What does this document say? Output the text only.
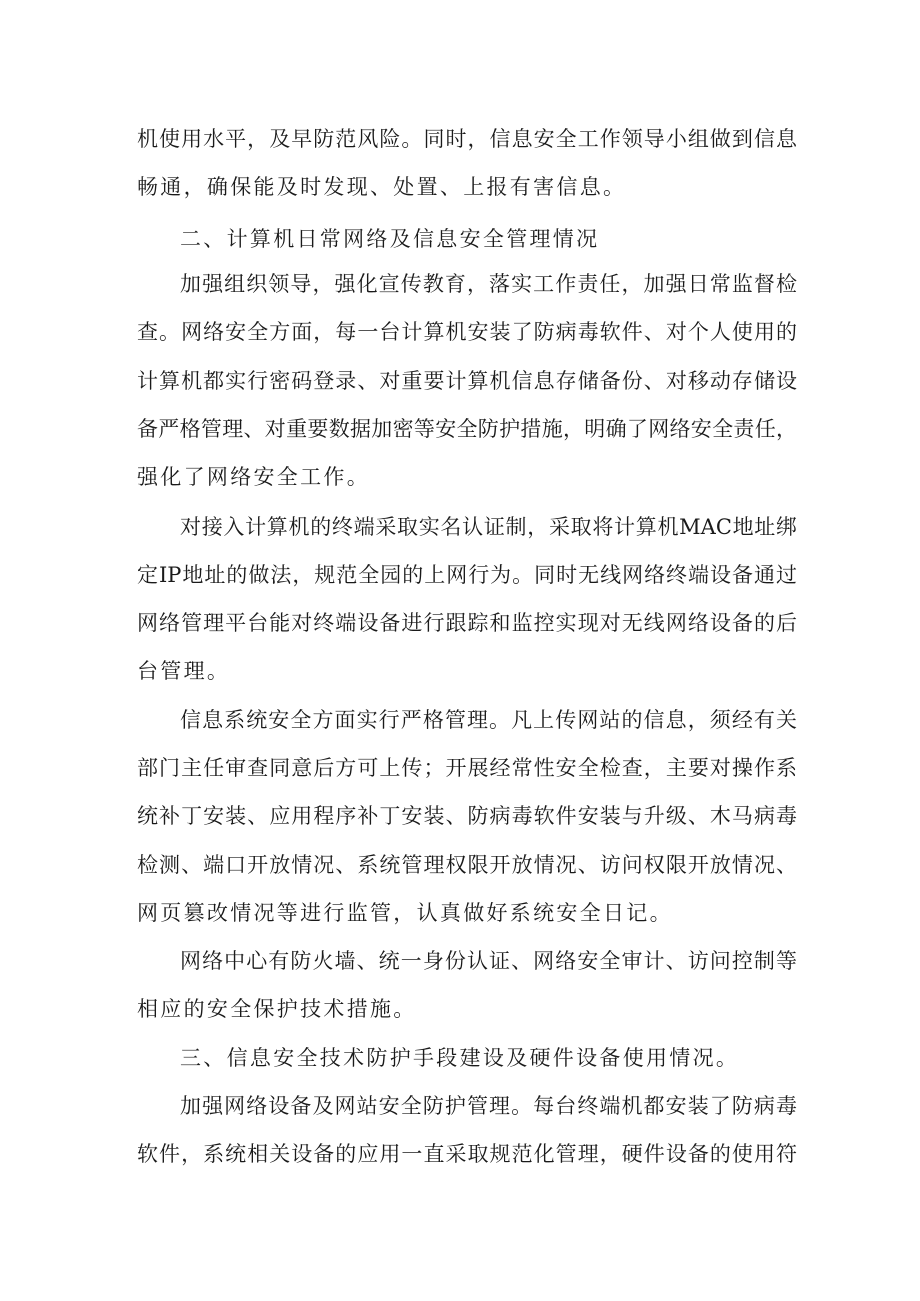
机使用水平，及早防范风险。同时，信息安全工作领导小组做到信息
畅通，确保能及时发现、处置、上报有害信息。
二、计算机日常网络及信息安全管理情况
加强组织领导，强化宣传教育，落实工作责任，加强日常监督检
查。网络安全方面，每一台计算机安装了防病毒软件、对个人使用的
计算机都实行密码登录、对重要计算机信息存储备份、对移动存储设
备严格管理、对重要数据加密等安全防护措施，明确了网络安全责任，
强化了网络安全工作。
对接入计算机的终端采取实名认证制，采取将计算机MAC地址绑
定IP地址的做法，规范全园的上网行为。同时无线网络终端设备通过
网络管理平台能对终端设备进行跟踪和监控实现对无线网络设备的后
台管理。
信息系统安全方面实行严格管理。凡上传网站的信息，须经有关
部门主任审查同意后方可上传；开展经常性安全检查，主要对操作系
统补丁安装、应用程序补丁安装、防病毒软件安装与升级、木马病毒
检测、端口开放情况、系统管理权限开放情况、访问权限开放情况、
网页篡改情况等进行监管，认真做好系统安全日记。
网络中心有防火墙、统一身份认证、网络安全审计、访问控制等
相应的安全保护技术措施。
三、信息安全技术防护手段建设及硬件设备使用情况。
加强网络设备及网站安全防护管理。每台终端机都安装了防病毒
软件，系统相关设备的应用一直采取规范化管理，硬件设备的使用符
